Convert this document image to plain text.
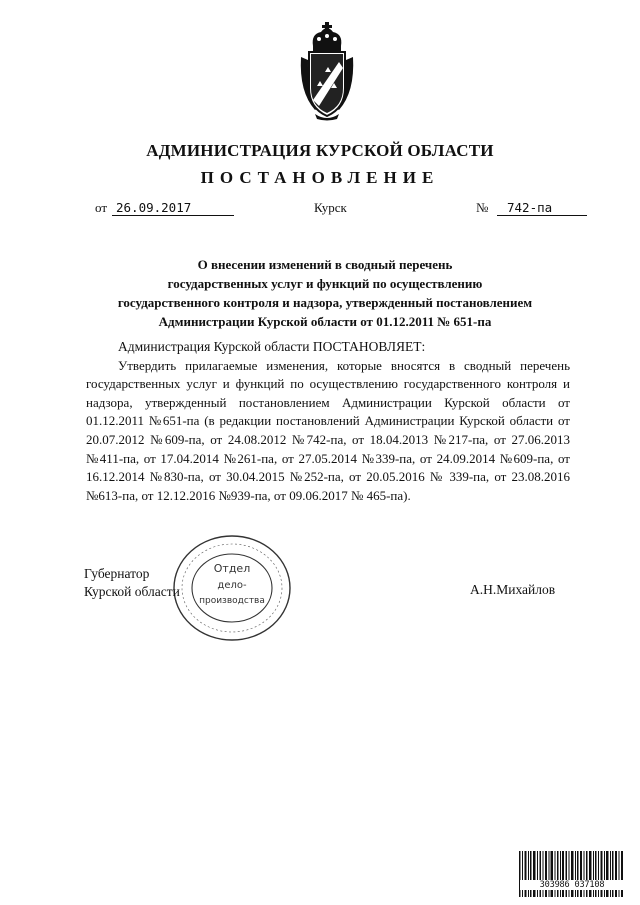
АДМИНИСТРАЦИЯ КУРСКОЙ ОБЛАСТИ
ПОСТАНОВЛЕНИЕ
от 26.09.2017	Курск	№	742-па
О внесении изменений в сводный перечень
государственных услуг и функций по осуществлению
государственного контроля и надзора, утвержденный постановлением
Администрации Курской области от 01.12.2011 № 651-па
Администрация Курской области ПОСТАНОВЛЯЕТ:
Утвердить прилагаемые изменения, которые вносятся в сводный перечень государственных услуг и функций по осуществлению государственного контроля и надзора, утвержденный постановлением Администрации Курской области от 01.12.2011 №651-па (в редакции постановлений Администрации Курской области от 20.07.2012 №609-па, от 24.08.2012 №742-па, от 18.04.2013 №217-па, от 27.06.2013 №411-па, от 17.04.2014 №261-па, от 27.05.2014 №339-па, от 24.09.2014 №609-па, от 16.12.2014 №830-па, от 30.04.2015 №252-па, от 20.05.2016 № 339-па, от 23.08.2016 №613-па, от 12.12.2016 №939-па, от 09.06.2017 № 465-па).
Отдел
дело-
производства
Губернатор
Курской области	А.Н.Михайлов
303986 037108
